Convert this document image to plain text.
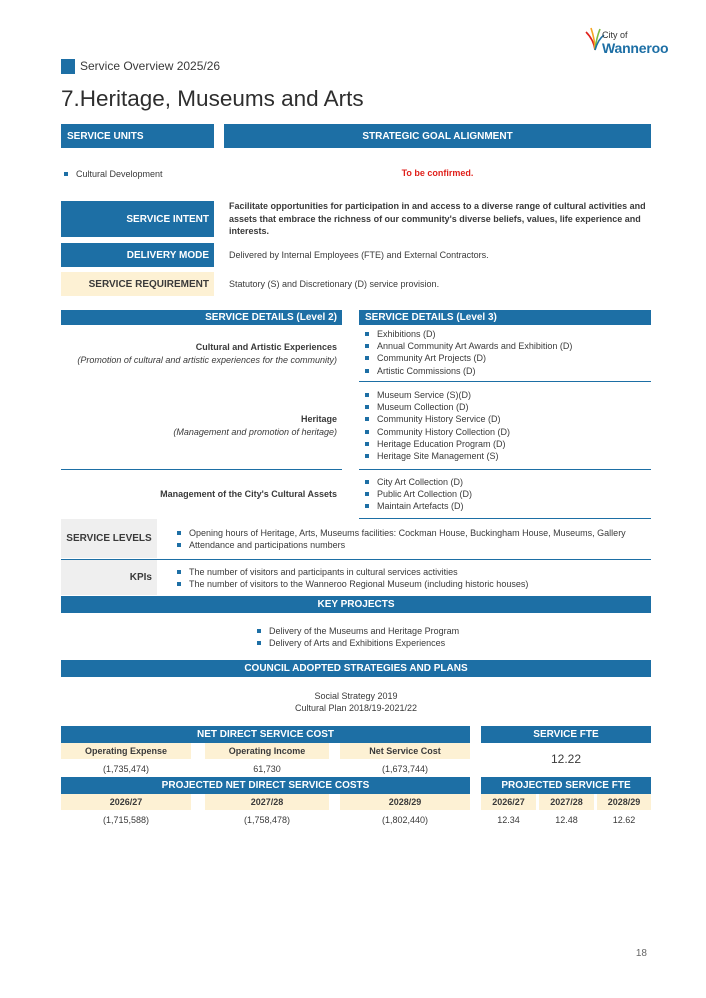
Service Overview 2025/26
City of
Wanneroo
7.Heritage, Museums and Arts
SERVICE UNITS	STRATEGIC GOAL ALIGNMENT
Cultural Development	To be confirmed.
SERVICE INTENT
Facilitate opportunities for participation in and access to a diverse range of cultural activities and assets that embrace the richness of our community's diverse beliefs, values, life experience and interests.
DELIVERY MODE	Delivered by Internal Employees (FTE) and External Contractors.
SERVICE REQUIREMENT	Statutory (S) and Discretionary (D) service provision.
SERVICE DETAILS (Level 2)	SERVICE DETAILS (Level 3)
Cultural and Artistic Experiences
(Promotion of cultural and artistic experiences for the community)
Exhibitions (D)
Annual Community Art Awards and Exhibition (D)
Community Art Projects (D)
Artistic Commissions (D)
Heritage
(Management and promotion of heritage)
Museum Service (S)(D)
Museum Collection (D)
Community History Service (D)
Community History Collection (D)
Heritage Education Program (D)
Heritage Site Management (S)
Management of the City's Cultural Assets
City Art Collection (D)
Public Art Collection (D)
Maintain Artefacts (D)
SERVICE LEVELS	Opening hours of Heritage, Arts, Museums facilities: Cockman House, Buckingham House, Museums, Gallery
Attendance and participations numbers
KPIs	The number of visitors and participants in cultural services activities
The number of visitors to the Wanneroo Regional Museum (including historic houses)
KEY PROJECTS
Delivery of the Museums and Heritage Program
Delivery of Arts and Exhibitions Experiences
COUNCIL ADOPTED STRATEGIES AND PLANS
Social Strategy 2019
Cultural Plan 2018/19-2021/22
NET DIRECT SERVICE COST
Operating Expense	Operating Income	Net Service Cost
(1,735,474)	61,730	(1,673,744)
SERVICE FTE
12.22
PROJECTED NET DIRECT SERVICE COSTS
2026/27	2027/28	2028/29
(1,715,588)	(1,758,478)	(1,802,440)
PROJECTED SERVICE FTE
2026/27	2027/28	2028/29
12.34	12.48	12.62
18
